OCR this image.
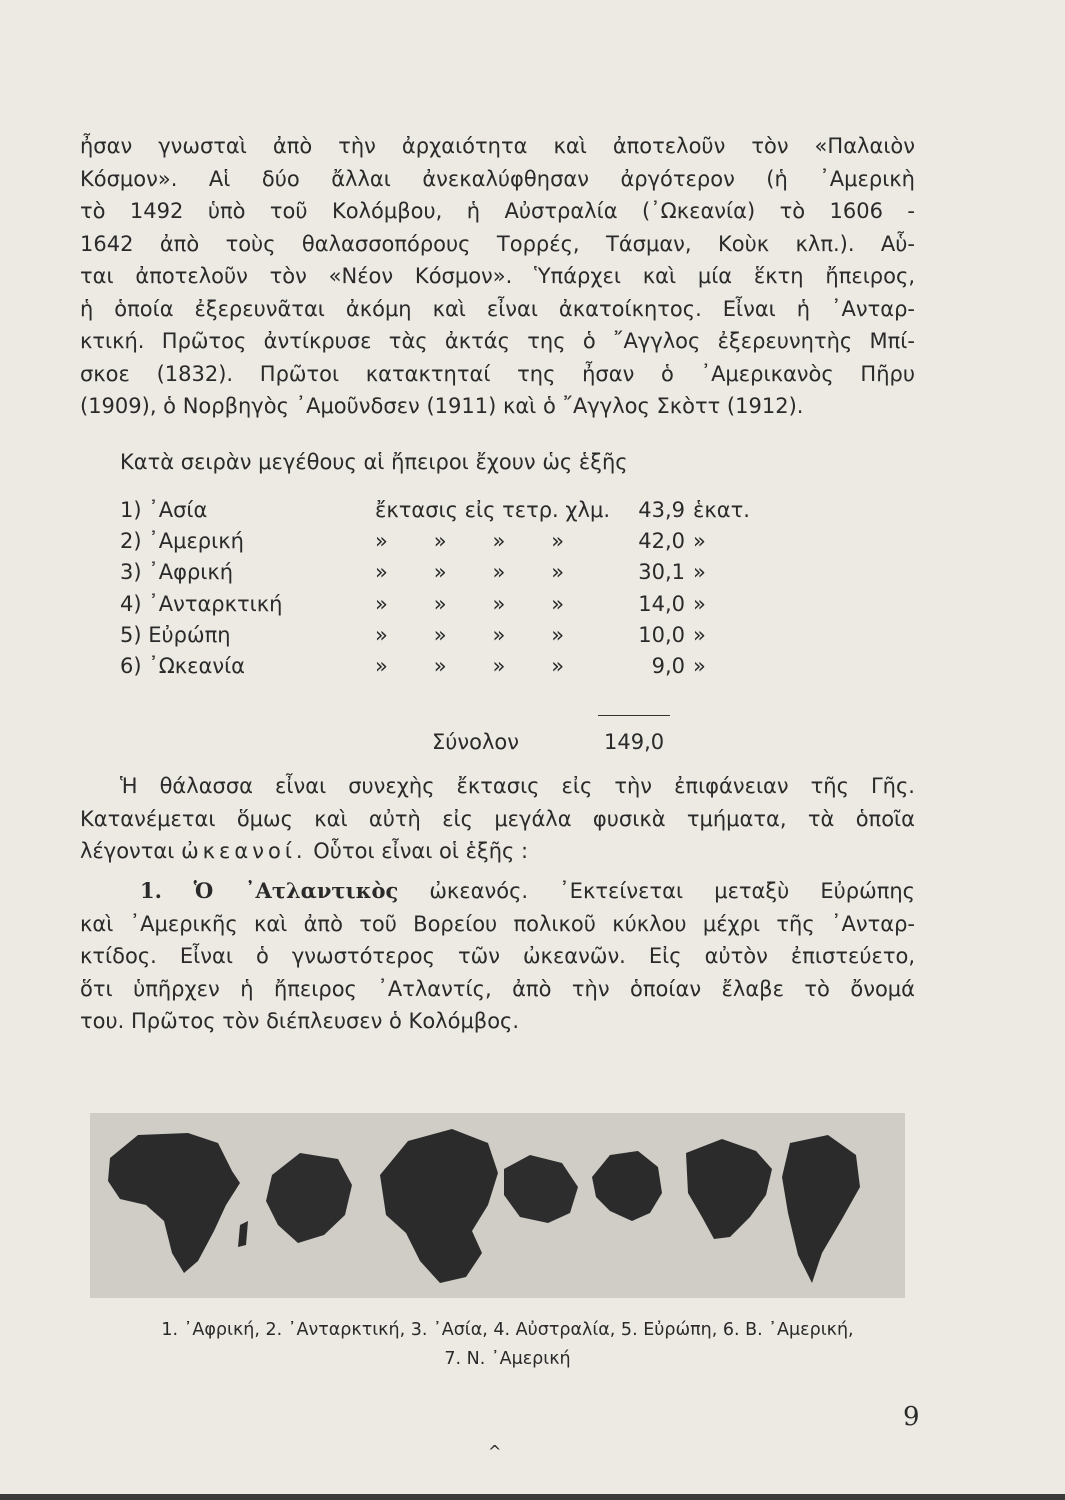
ἦσαν γνωσταὶ ἀπὸ τὴν ἀρχαιότητα καὶ ἀποτελοῦν τὸν «Παλαιὸν
Κόσμον». Αἱ δύο ἄλλαι ἀνεκαλύφθησαν ἀργότερον (ἡ ᾿Αμερικὴ
τὸ 1492 ὑπὸ τοῦ Κολόμβου, ἡ Αὐστραλία (᾿Ωκεανία) τὸ 1606 -
1642 ἀπὸ τοὺς θαλασσοπόρους Τορρές, Τάσμαν, Κοὺκ κλπ.). Αὗ-
ται ἀποτελοῦν τὸν «Νέον Κόσμον». Ὑπάρχει καὶ μία ἕκτη ἤπειρος,
ἡ ὁποία ἐξερευνᾶται ἀκόμη καὶ εἶναι ἀκατοίκητος. Εἶναι ἡ ᾿Ανταρ-
κτική. Πρῶτος ἀντίκρυσε τὰς ἀκτάς της ὁ ῎Αγγλος ἐξερευνητὴς Μπί-
σκοε (1832). Πρῶτοι κατακτηταί της ἦσαν ὁ ᾿Αμερικανὸς Πῆρυ
(1909), ὁ Νορβηγὸς ᾿Αμοῦνδσεν (1911) καὶ ὁ ῎Αγγλος Σκὸττ (1912).
Κατὰ σειρὰν μεγέθους αἱ ἤπειροι ἔχουν ὡς ἑξῆς
1) ᾿Ασία	ἔκτασις εἰς τετρ. χλμ.				43,9	ἑκατ.
2) ᾿Αμερική	»	»	»	»	42,0	»
3) ᾿Αφρική	»	»	»	»	30,1	»
4) ᾿Ανταρκτική	»	»	»	»	14,0	»
5) Εὐρώπη	»	»	»	»	10,0	»
6) ᾿Ωκεανία	»	»	»	»	9,0	»
Σύνολον	149,0
Ἡ θάλασσα εἶναι συνεχὴς ἔκτασις εἰς τὴν ἐπιφάνειαν τῆς Γῆς.
Κατανέμεται ὅμως καὶ αὐτὴ εἰς μεγάλα φυσικὰ τμήματα, τὰ ὁποῖα
λέγονται ὠκεανοί. Οὗτοι εἶναι οἱ ἑξῆς :
1. Ὁ ᾿Ατλαντικὸς ὠκεανός. ᾿Εκτείνεται μεταξὺ Εὐρώπης
καὶ ᾿Αμερικῆς καὶ ἀπὸ τοῦ Βορείου πολικοῦ κύκλου μέχρι τῆς ᾿Ανταρ-
κτίδος. Εἶναι ὁ γνωστότερος τῶν ὠκεανῶν. Εἰς αὐτὸν ἐπιστεύετο,
ὅτι ὑπῆρχεν ἡ ἤπειρος ᾿Ατλαντίς, ἀπὸ τὴν ὁποίαν ἔλαβε τὸ ὄνομά
του. Πρῶτος τὸν διέπλευσεν ὁ Κολόμβος.
1. ᾿Αφρική, 2. ᾿Ανταρκτική, 3. ᾿Ασία, 4. Αὐστραλία, 5. Εὐρώπη, 6. Β. ᾿Αμερική,
7. Ν. ᾿Αμερική
9
^
